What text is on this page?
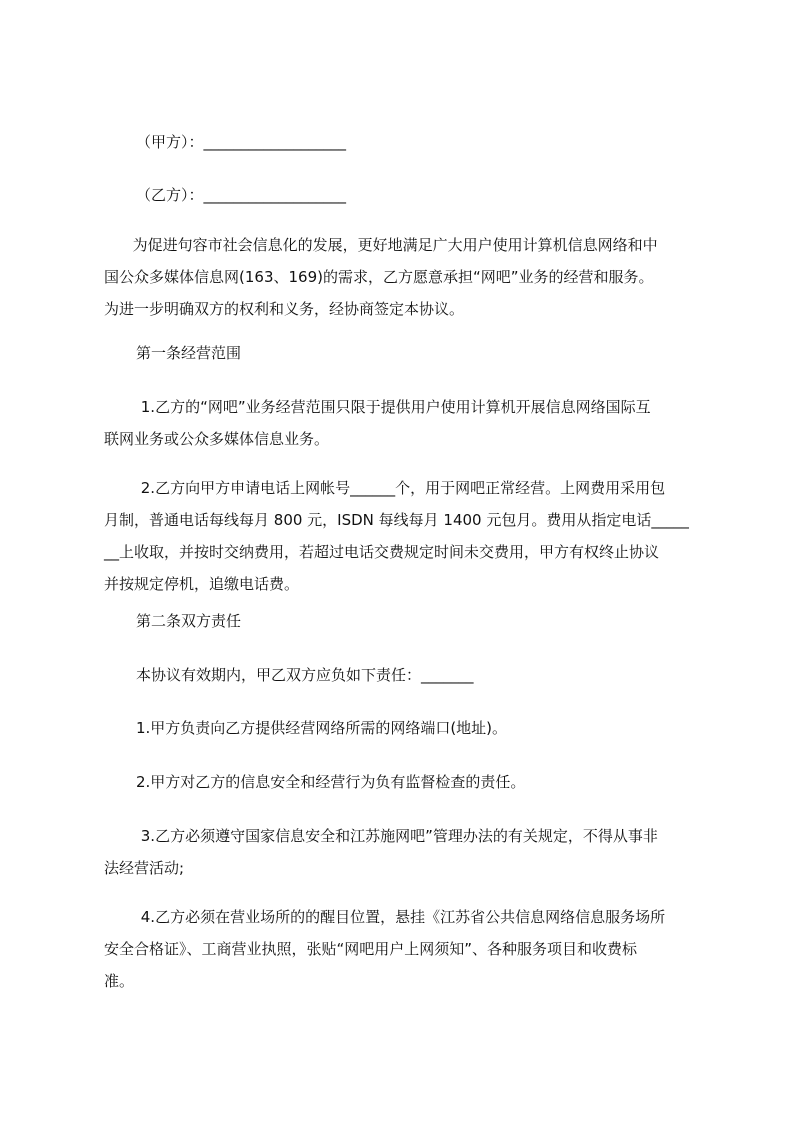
（甲方）：___________________
（乙方）：___________________
为促进句容市社会信息化的发展，更好地满足广大用户使用计算机信息网络和中
国公众多媒体信息网(163、169)的需求，乙方愿意承担“网吧”业务的经营和服务。
为进一步明确双方的权利和义务，经协商签定本协议。
第一条经营范围
1.乙方的“网吧”业务经营范围只限于提供用户使用计算机开展信息网络国际互
联网业务或公众多媒体信息业务。
2.乙方向甲方申请电话上网帐号______个，用于网吧正常经营。上网费用采用包
月制，普通电话每线每月 800 元，ISDN 每线每月 1400 元包月。费用从指定电话_____
__上收取，并按时交纳费用，若超过电话交费规定时间未交费用，甲方有权终止协议
并按规定停机，追缴电话费。
第二条双方责任
本协议有效期内，甲乙双方应负如下责任：_______
1.甲方负责向乙方提供经营网络所需的网络端口(地址)。
2.甲方对乙方的信息安全和经营行为负有监督检查的责任。
3.乙方必须遵守国家信息安全和江苏施网吧”管理办法的有关规定，不得从事非
法经营活动;
4.乙方必须在营业场所的的醒目位置，悬挂《江苏省公共信息网络信息服务场所
安全合格证》、工商营业执照，张贴“网吧用户上网须知”、各种服务项目和收费标
准。
